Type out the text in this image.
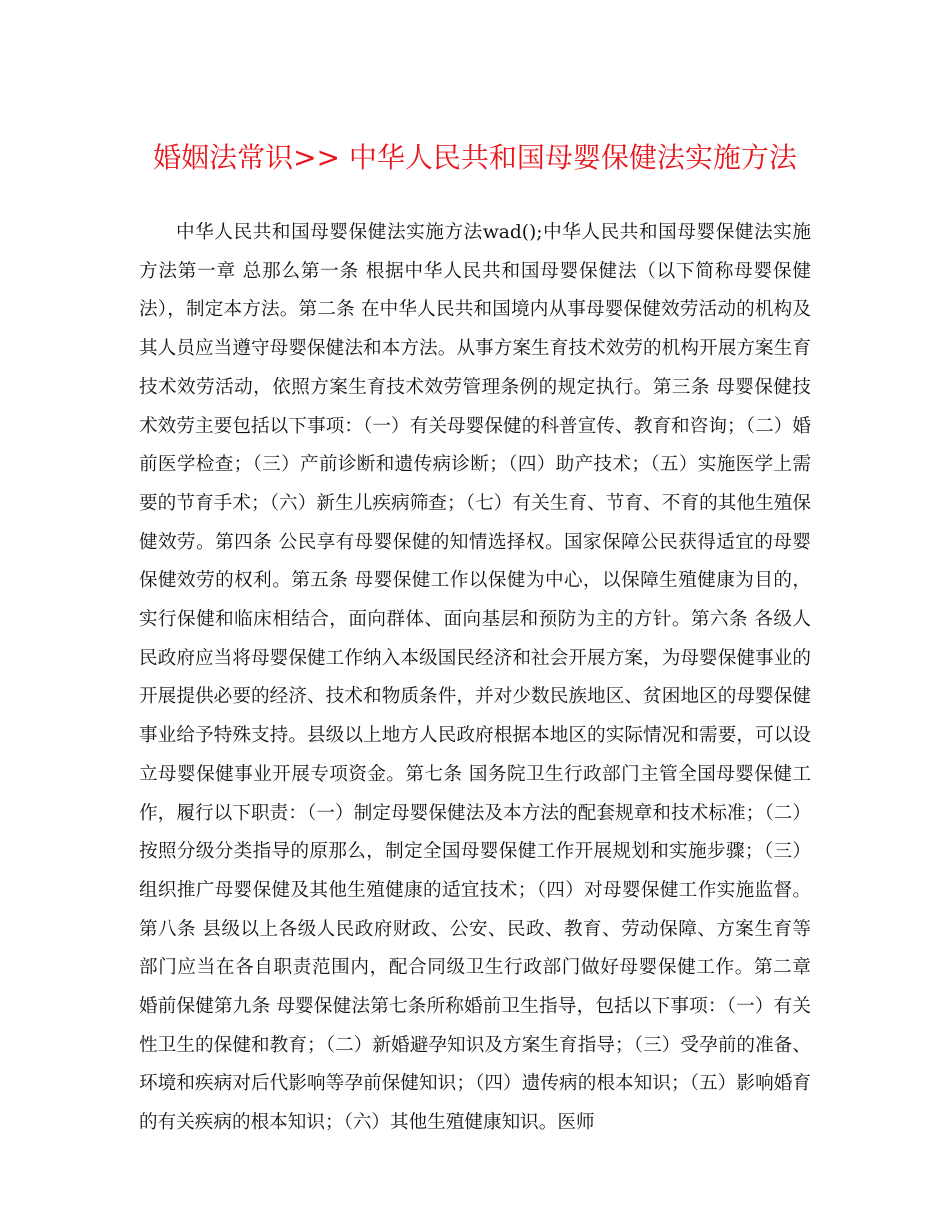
婚姻法常识>> 中华人民共和国母婴保健法实施方法

中华人民共和国母婴保健法实施方法wad();中华人民共和国母婴保健法实施方法第一章 总那么第一条 根据中华人民共和国母婴保健法（以下简称母婴保健法），制定本方法。第二条 在中华人民共和国境内从事母婴保健效劳活动的机构及其人员应当遵守母婴保健法和本方法。从事方案生育技术效劳的机构开展方案生育技术效劳活动，依照方案生育技术效劳管理条例的规定执行。第三条 母婴保健技术效劳主要包括以下事项：（一）有关母婴保健的科普宣传、教育和咨询；（二）婚前医学检查；（三）产前诊断和遗传病诊断；（四）助产技术；（五）实施医学上需要的节育手术；（六）新生儿疾病筛查；（七）有关生育、节育、不育的其他生殖保健效劳。第四条 公民享有母婴保健的知情选择权。国家保障公民获得适宜的母婴保健效劳的权利。第五条 母婴保健工作以保健为中心，以保障生殖健康为目的，实行保健和临床相结合，面向群体、面向基层和预防为主的方针。第六条 各级人民政府应当将母婴保健工作纳入本级国民经济和社会开展方案，为母婴保健事业的开展提供必要的经济、技术和物质条件，并对少数民族地区、贫困地区的母婴保健事业给予特殊支持。县级以上地方人民政府根据本地区的实际情况和需要，可以设立母婴保健事业开展专项资金。第七条 国务院卫生行政部门主管全国母婴保健工作，履行以下职责：（一）制定母婴保健法及本方法的配套规章和技术标准；（二）按照分级分类指导的原那么，制定全国母婴保健工作开展规划和实施步骤；（三）组织推广母婴保健及其他生殖健康的适宜技术；（四）对母婴保健工作实施监督。第八条 县级以上各级人民政府财政、公安、民政、教育、劳动保障、方案生育等部门应当在各自职责范围内，配合同级卫生行政部门做好母婴保健工作。第二章 婚前保健第九条 母婴保健法第七条所称婚前卫生指导，包括以下事项：（一）有关性卫生的保健和教育；（二）新婚避孕知识及方案生育指导；（三）受孕前的准备、环境和疾病对后代影响等孕前保健知识；（四）遗传病的根本知识；（五）影响婚育的有关疾病的根本知识；（六）其他生殖健康知识。医师
